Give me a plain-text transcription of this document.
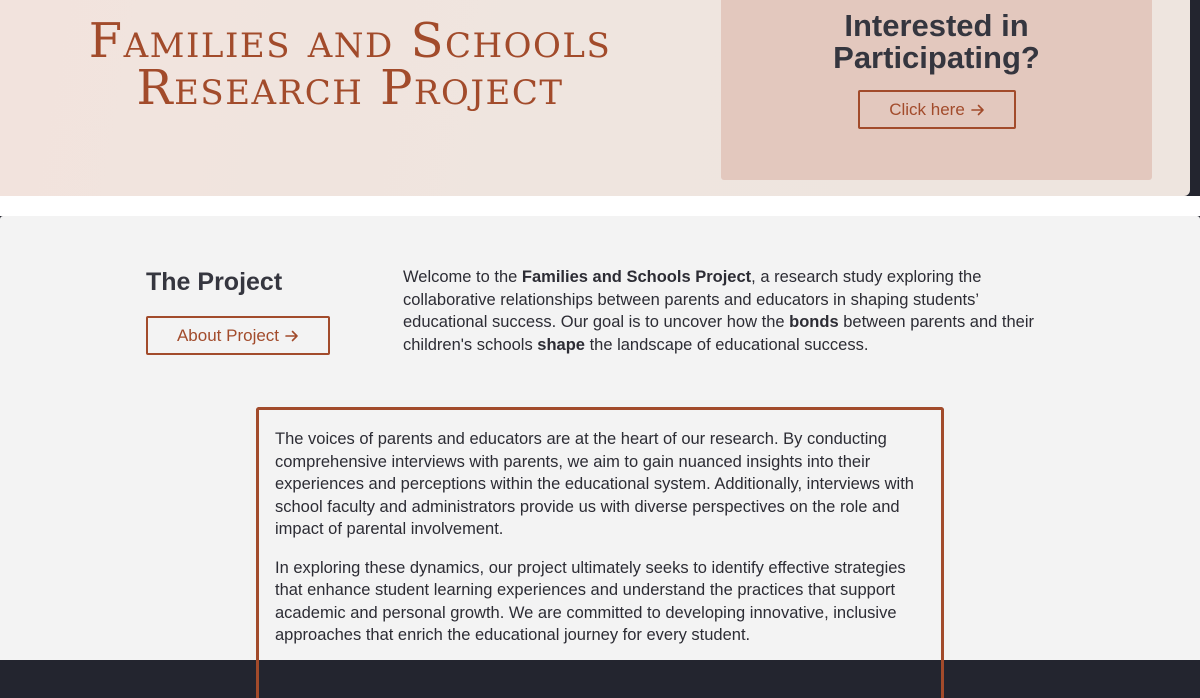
Families and Schools
Research Project
Interested in
Participating?
Click here
The Project
About Project

Welcome to the Families and Schools Project, a research study exploring the collaborative relationships between parents and educators in shaping students’ educational success. Our goal is to uncover how the bonds between parents and their children's schools shape the landscape of educational success.

The voices of parents and educators are at the heart of our research. By conducting comprehensive interviews with parents, we aim to gain nuanced insights into their experiences and perceptions within the educational system. Additionally, interviews with school faculty and administrators provide us with diverse perspectives on the role and impact of parental involvement.

In exploring these dynamics, our project ultimately seeks to identify effective strategies that enhance student learning experiences and understand the practices that support academic and personal growth. We are committed to developing innovative, inclusive approaches that enrich the educational journey for every student.
